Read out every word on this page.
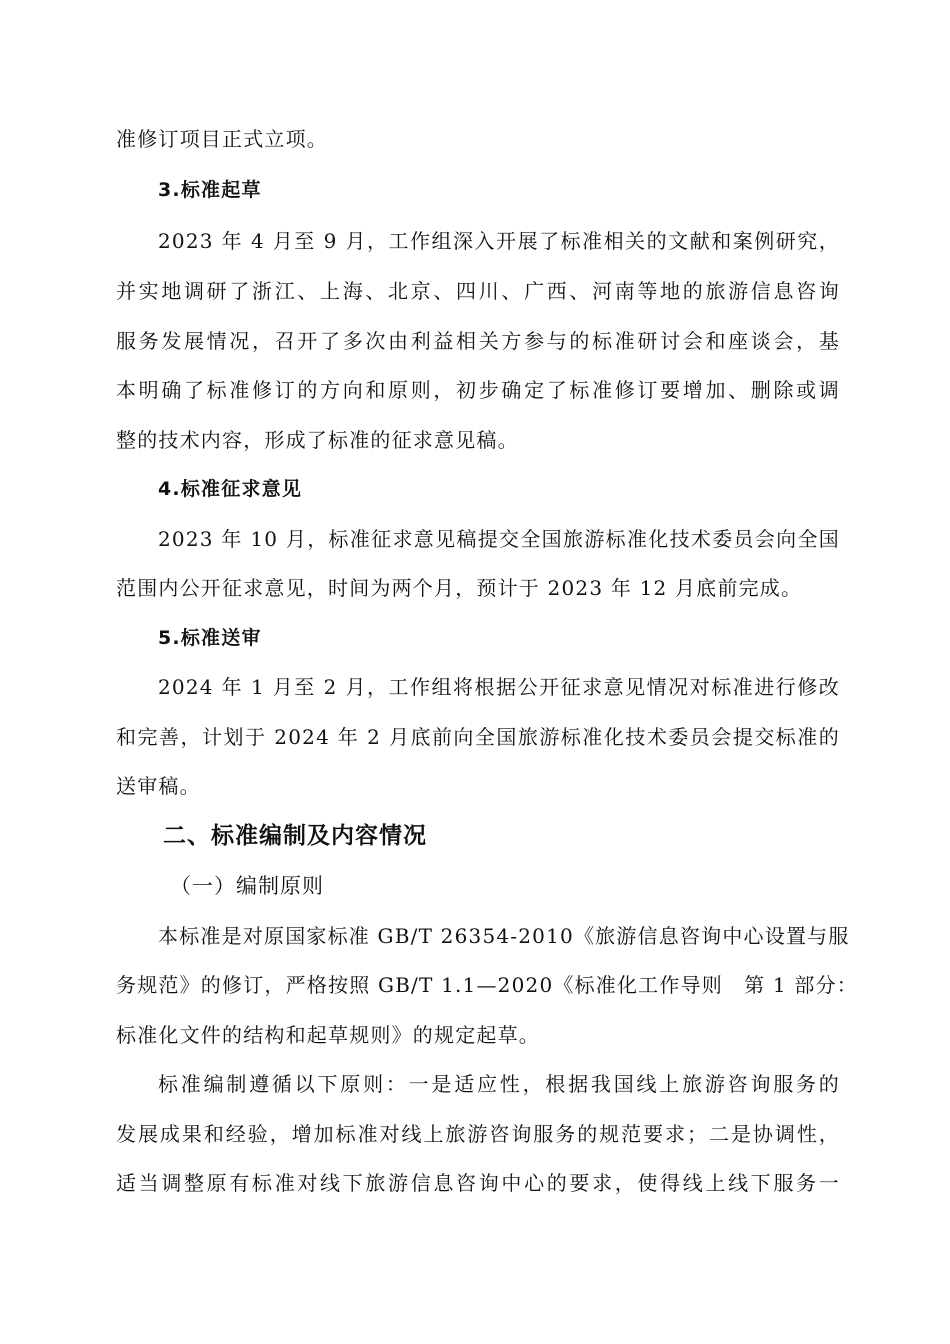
准修订项目正式立项。
3.标准起草
2023 年 4 月至 9 月，工作组深入开展了标准相关的文献和案例研究，
并实地调研了浙江、上海、北京、四川、广西、河南等地的旅游信息咨询
服务发展情况，召开了多次由利益相关方参与的标准研讨会和座谈会，基
本明确了标准修订的方向和原则，初步确定了标准修订要增加、删除或调
整的技术内容，形成了标准的征求意见稿。
4.标准征求意见
2023 年 10 月，标准征求意见稿提交全国旅游标准化技术委员会向全国
范围内公开征求意见，时间为两个月，预计于 2023 年 12 月底前完成。
5.标准送审
2024 年 1 月至 2 月，工作组将根据公开征求意见情况对标准进行修改
和完善，计划于 2024 年 2 月底前向全国旅游标准化技术委员会提交标准的
送审稿。
二、标准编制及内容情况
（一）编制原则
本标准是对原国家标准 GB/T 26354-2010《旅游信息咨询中心设置与服
务规范》的修订，严格按照 GB/T 1.1—2020《标准化工作导则　第 1 部分：
标准化文件的结构和起草规则》的规定起草。
标准编制遵循以下原则：一是适应性，根据我国线上旅游咨询服务的
发展成果和经验，增加标准对线上旅游咨询服务的规范要求；二是协调性，
适当调整原有标准对线下旅游信息咨询中心的要求，使得线上线下服务一
